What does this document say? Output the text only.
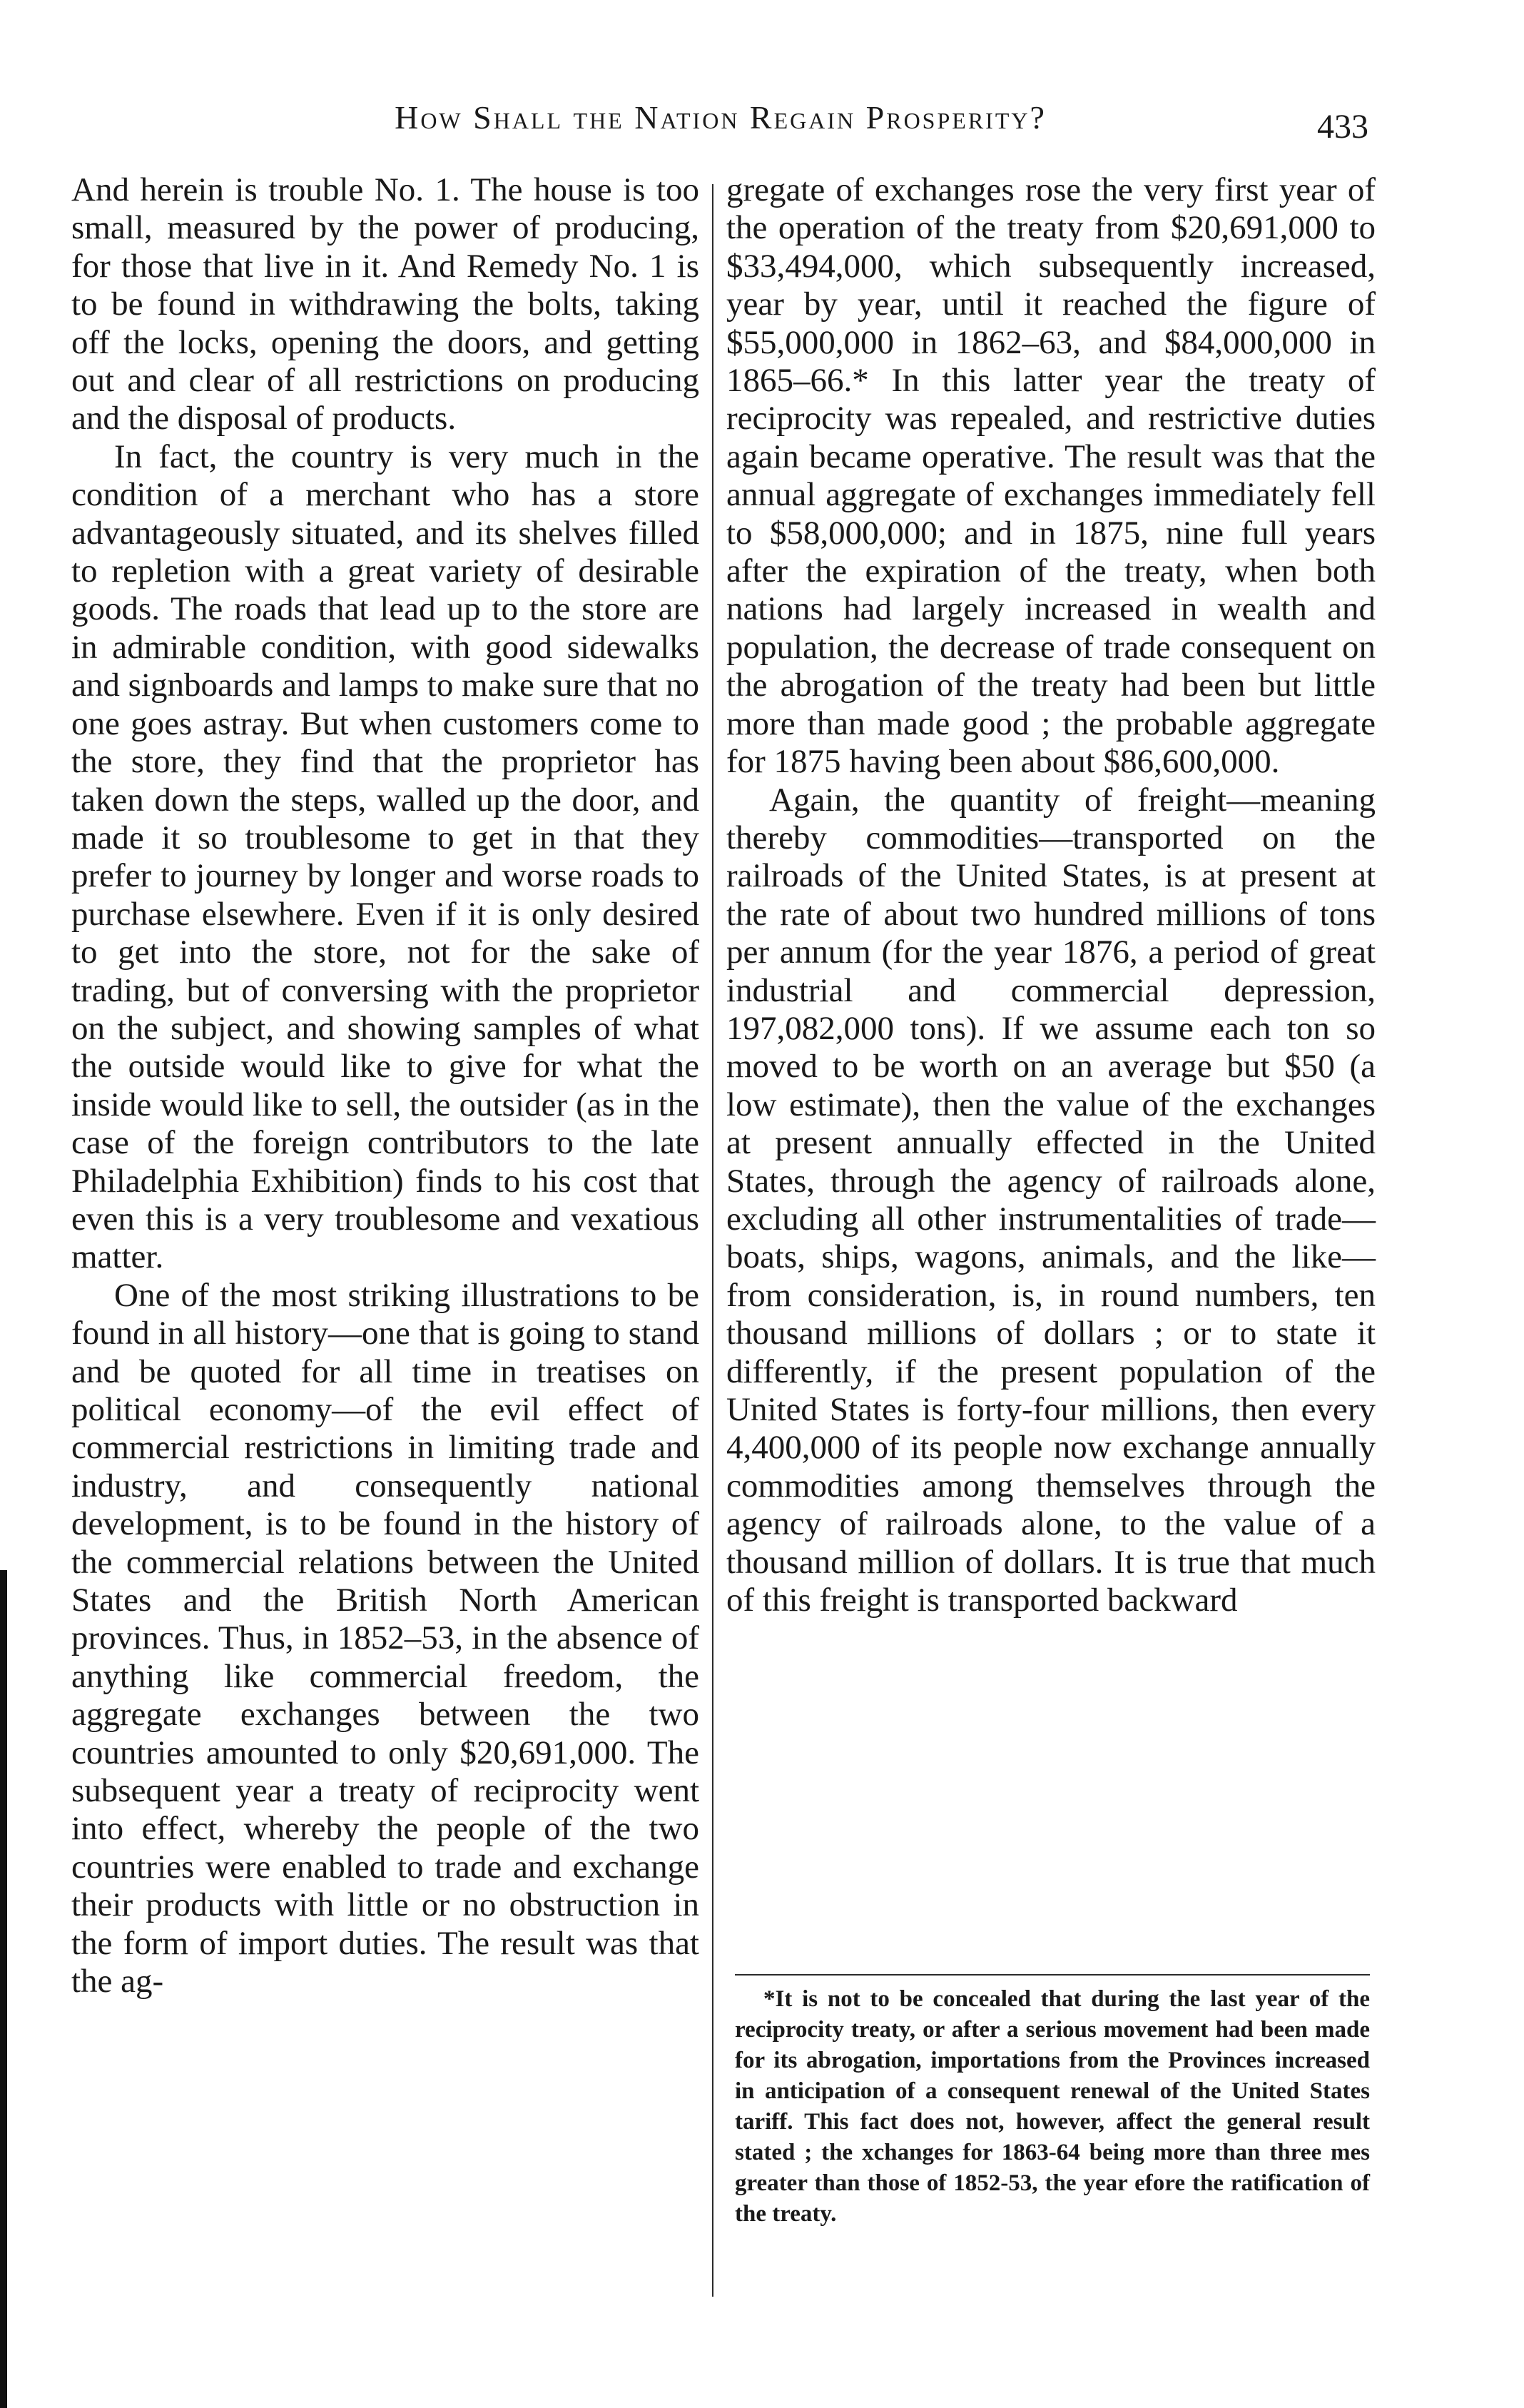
How Shall the Nation Regain Prosperity?	433

And herein is trouble No. 1. The house is too small, measured by the power of producing, for those that live in it. And Remedy No. 1 is to be found in withdrawing the bolts, taking off the locks, opening the doors, and getting out and clear of all restrictions on producing and the disposal of products.

In fact, the country is very much in the condition of a merchant who has a store advantageously situated, and its shelves filled to repletion with a great variety of desirable goods. The roads that lead up to the store are in admirable condition, with good sidewalks and signboards and lamps to make sure that no one goes astray. But when customers come to the store, they find that the proprietor has taken down the steps, walled up the door, and made it so troublesome to get in that they prefer to journey by longer and worse roads to purchase elsewhere. Even if it is only desired to get into the store, not for the sake of trading, but of conversing with the proprietor on the subject, and showing samples of what the outside would like to give for what the inside would like to sell, the outsider (as in the case of the foreign contributors to the late Philadelphia Exhibition) finds to his cost that even this is a very troublesome and vexatious matter.

One of the most striking illustrations to be found in all history—one that is going to stand and be quoted for all time in treatises on political economy—of the evil effect of commercial restrictions in limiting trade and industry, and consequently national development, is to be found in the history of the commercial relations between the United States and the British North American provinces. Thus, in 1852–53, in the absence of anything like commercial freedom, the aggregate exchanges between the two countries amounted to only $20,691,000. The subsequent year a treaty of reciprocity went into effect, whereby the people of the two countries were enabled to trade and exchange their products with little or no obstruction in the form of import duties. The result was that the ag-

gregate of exchanges rose the very first year of the operation of the treaty from $20,691,000 to $33,494,000, which subsequently increased, year by year, until it reached the figure of $55,000,000 in 1862–63, and $84,000,000 in 1865–66.* In this latter year the treaty of reciprocity was repealed, and restrictive duties again became operative. The result was that the annual aggregate of exchanges immediately fell to $58,000,000; and in 1875, nine full years after the expiration of the treaty, when both nations had largely increased in wealth and population, the decrease of trade consequent on the abrogation of the treaty had been but little more than made good ; the probable aggregate for 1875 having been about $86,600,000.

Again, the quantity of freight—meaning thereby commodities—transported on the railroads of the United States, is at present at the rate of about two hundred millions of tons per annum (for the year 1876, a period of great industrial and commercial depression, 197,082,000 tons). If we assume each ton so moved to be worth on an average but $50 (a low estimate), then the value of the exchanges at present annually effected in the United States, through the agency of railroads alone, excluding all other instrumentalities of trade—boats, ships, wagons, animals, and the like—from consideration, is, in round numbers, ten thousand millions of dollars ; or to state it differently, if the present population of the United States is forty-four millions, then every 4,400,000 of its people now exchange annually commodities among themselves through the agency of railroads alone, to the value of a thousand million of dollars. It is true that much of this freight is transported backward

*It is not to be concealed that during the last year of the reciprocity treaty, or after a serious movement had been made for its abrogation, importations from the Provinces increased in anticipation of a consequent renewal of the United States tariff. This fact does not, however, affect the general result stated ; the xchanges for 1863-64 being more than three mes greater than those of 1852-53, the year efore the ratification of the treaty.
